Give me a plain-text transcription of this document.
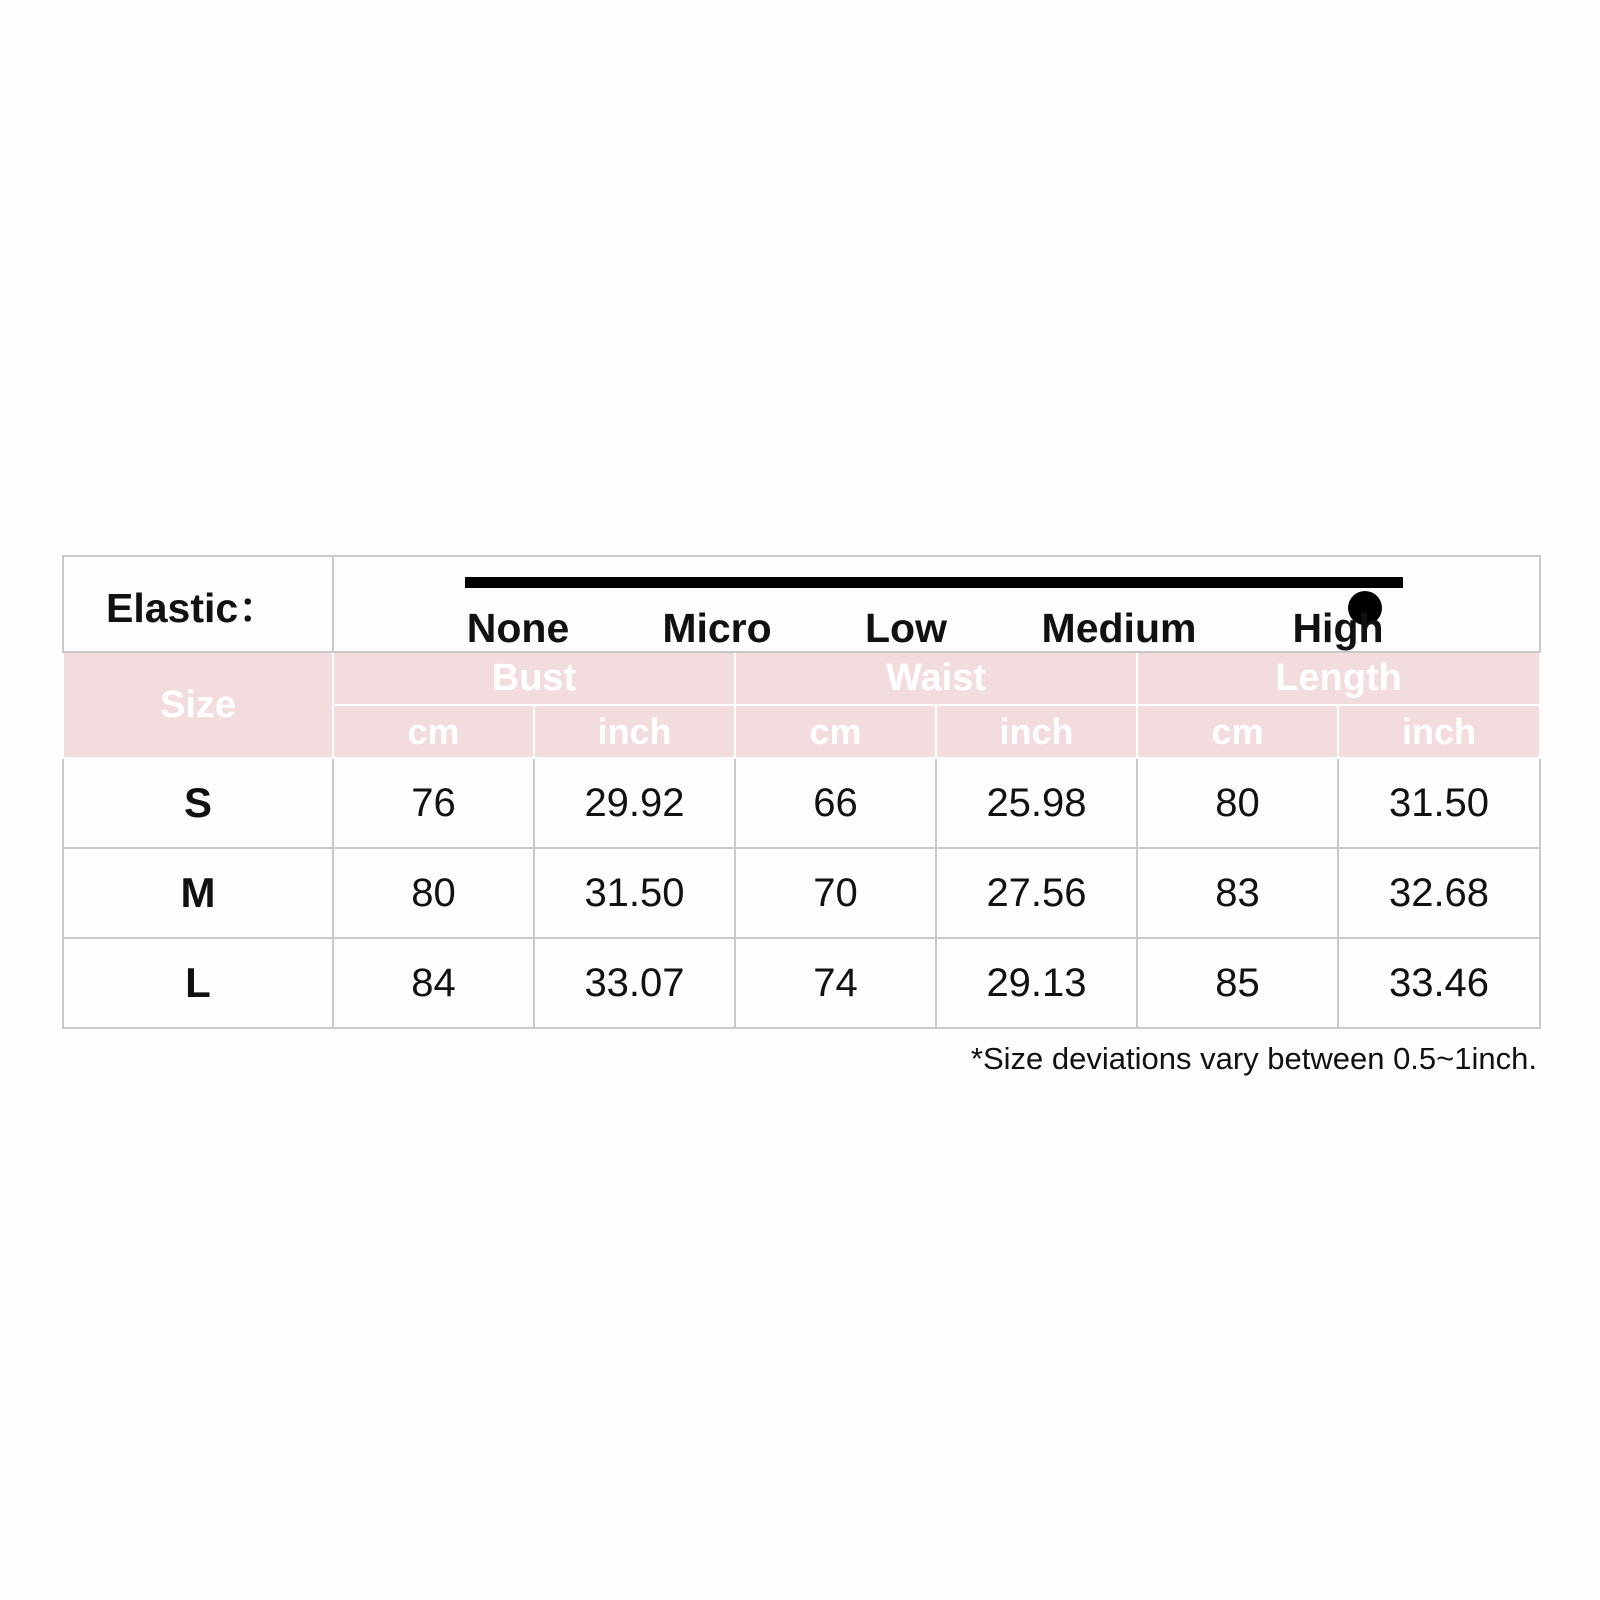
Elastic：	None Micro Low Medium High					

Size	Bust		Waist		Length	
	cm	inch	cm	inch	cm	inch
S	76	29.92	66	25.98	80	31.50
M	80	31.50	70	27.56	83	32.68
L	84	33.07	74	29.13	85	33.46
*Size deviations vary between 0.5~1inch.
